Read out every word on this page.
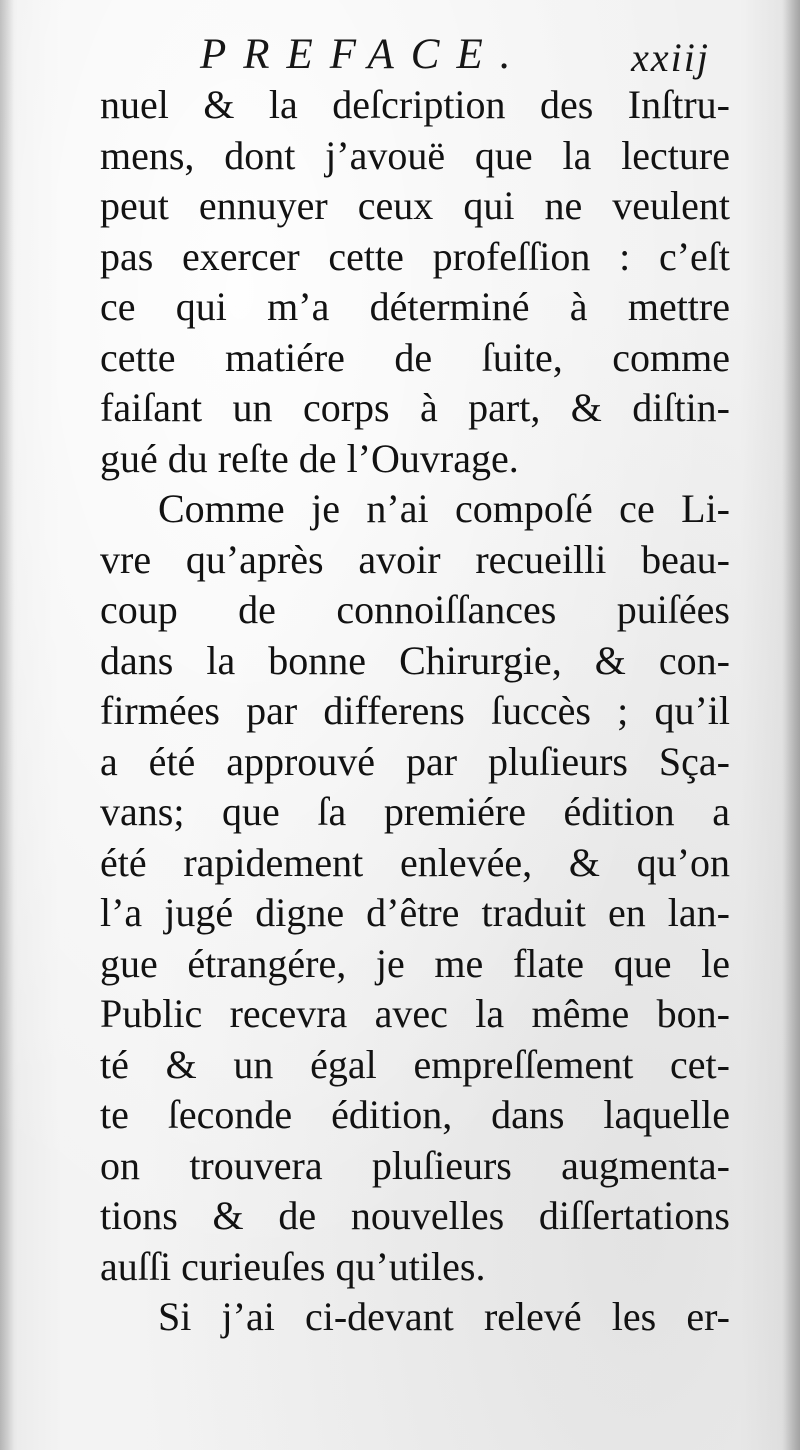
PREFACE.	xxiij
nuel & la deſcription des Inſtru-
mens, dont j’avouë que la lecture
peut ennuyer ceux qui ne veulent
pas exercer cette profeſſion : c’eſt
ce qui m’a déterminé à mettre
cette matiére de ſuite, comme
faiſant un corps à part, & diſtin-
gué du reſte de l’Ouvrage.
Comme je n’ai compoſé ce Li-
vre qu’après avoir recueilli beau-
coup de connoiſſances puiſées
dans la bonne Chirurgie, & con-
firmées par differens ſuccès ; qu’il
a été approuvé par pluſieurs Sça-
vans; que ſa premiére édition a
été rapidement enlevée, & qu’on
l’a jugé digne d’être traduit en lan-
gue étrangére, je me flate que le
Public recevra avec la même bon-
té & un égal empreſſement cet-
te ſeconde édition, dans laquelle
on trouvera pluſieurs augmenta-
tions & de nouvelles diſſertations
auſſi curieuſes qu’utiles.
Si j’ai ci-devant relevé les er-
